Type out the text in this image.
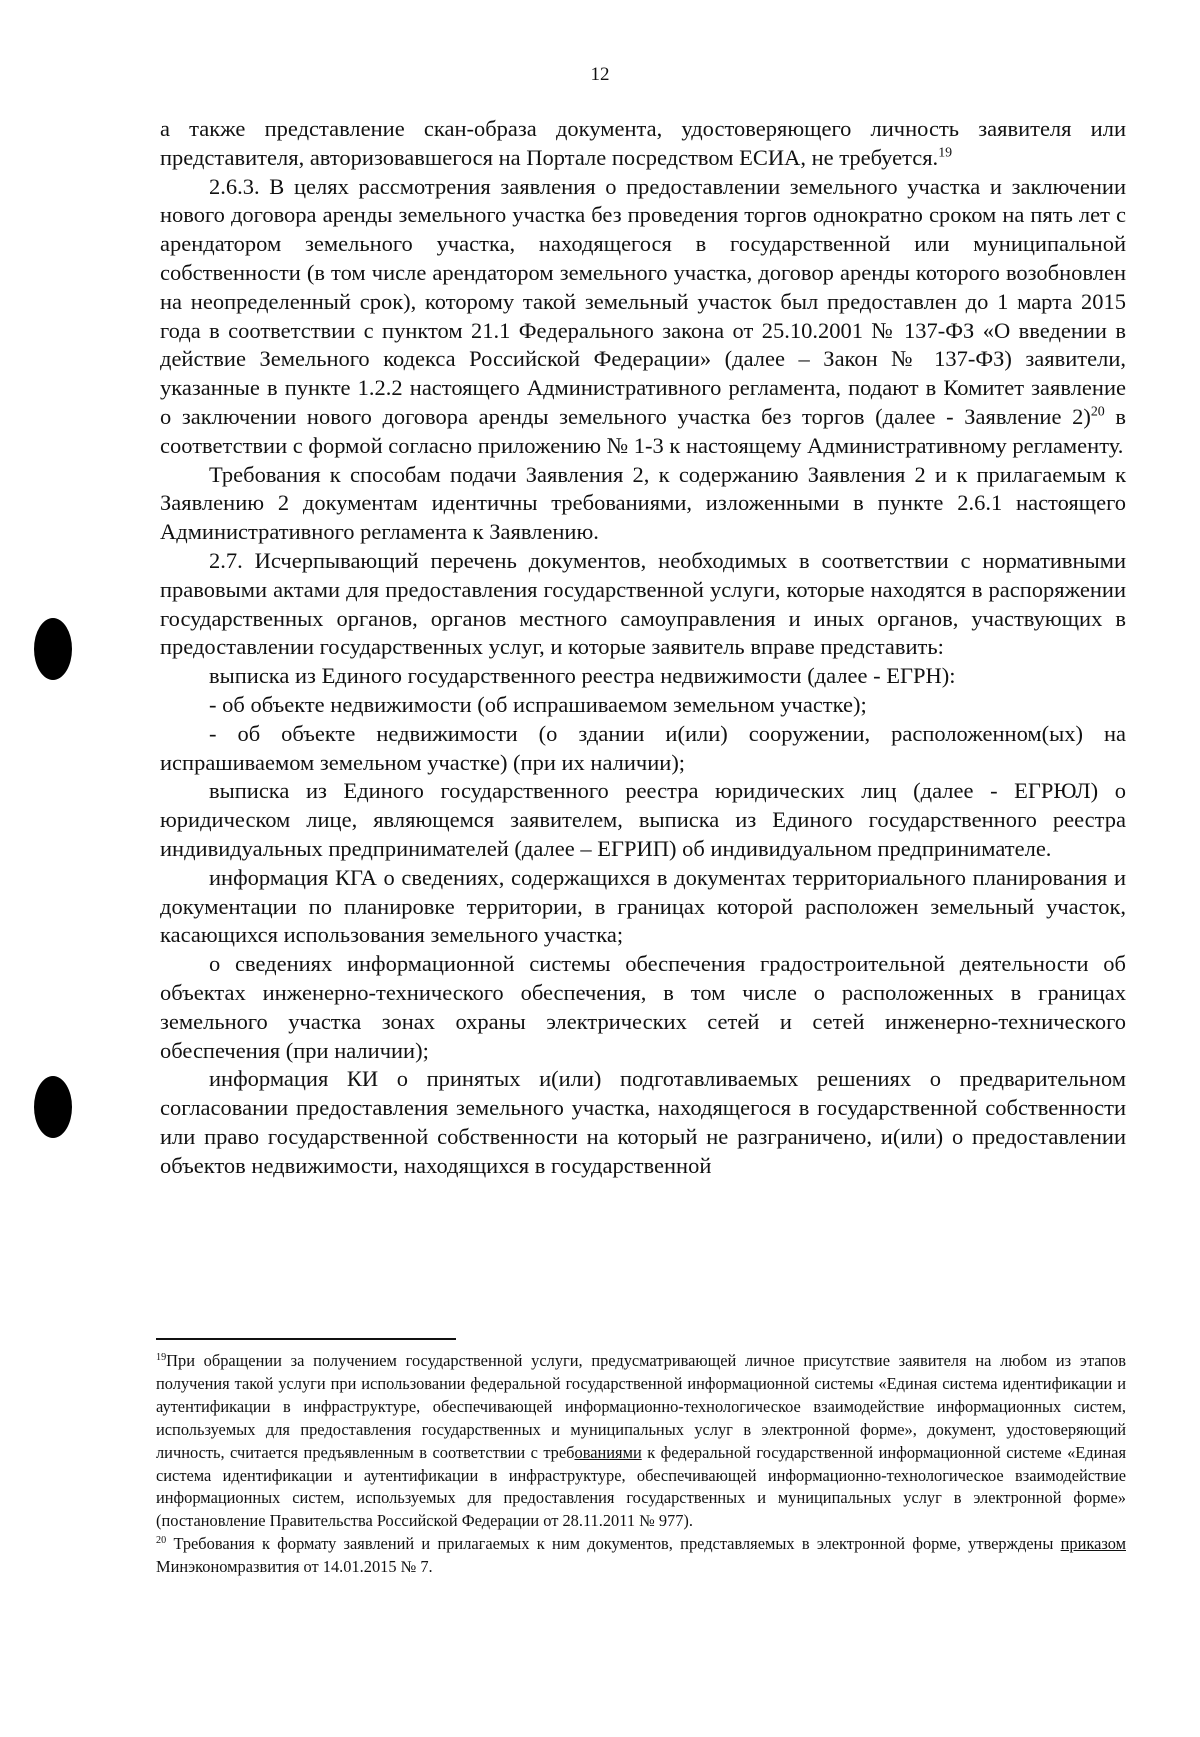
12

а также представление скан-образа документа, удостоверяющего личность заявителя или представителя, авторизовавшегося на Портале посредством ЕСИА, не требуется.$^{19}$

2.6.3. В целях рассмотрения заявления о предоставлении земельного участка и заключении нового договора аренды земельного участка без проведения торгов однократно сроком на пять лет с арендатором земельного участка, находящегося в государственной или муниципальной собственности (в том числе арендатором земельного участка, договор аренды которого возобновлен на неопределенный срок), которому такой земельный участок был предоставлен до 1 марта 2015 года в соответствии с пунктом 21.1 Федерального закона от 25.10.2001 № 137-ФЗ «О введении в действие Земельного кодекса Российской Федерации» (далее – Закон № 137-ФЗ) заявители, указанные в пункте 1.2.2 настоящего Административного регламента, подают в Комитет заявление о заключении нового договора аренды земельного участка без торгов (далее - Заявление 2)$^{20}$ в соответствии с формой согласно приложению № 1-3 к настоящему Административному регламенту.

Требования к способам подачи Заявления 2, к содержанию Заявления 2 и к прилагаемым к Заявлению 2 документам идентичны требованиями, изложенными в пункте 2.6.1 настоящего Административного регламента к Заявлению.

2.7. Исчерпывающий перечень документов, необходимых в соответствии с нормативными правовыми актами для предоставления государственной услуги, которые находятся в распоряжении государственных органов, органов местного самоуправления и иных органов, участвующих в предоставлении государственных услуг, и которые заявитель вправе представить:

выписка из Единого государственного реестра недвижимости (далее - ЕГРН):

- об объекте недвижимости (об испрашиваемом земельном участке);

- об объекте недвижимости (о здании и(или) сооружении, расположенном(ых) на испрашиваемом земельном участке) (при их наличии);

выписка из Единого государственного реестра юридических лиц (далее - ЕГРЮЛ) о юридическом лице, являющемся заявителем, выписка из Единого государственного реестра индивидуальных предпринимателей (далее – ЕГРИП) об индивидуальном предпринимателе.

информация КГА о сведениях, содержащихся в документах территориального планирования и документации по планировке территории, в границах которой расположен земельный участок, касающихся использования земельного участка;

о сведениях информационной системы обеспечения градостроительной деятельности об объектах инженерно-технического обеспечения, в том числе о расположенных в границах земельного участка зонах охраны электрических сетей и сетей инженерно-технического обеспечения (при наличии);

информация КИ о принятых и(или) подготавливаемых решениях о предварительном согласовании предоставления земельного участка, находящегося в государственной собственности или право государственной собственности на который не разграничено, и(или) о предоставлении объектов недвижимости, находящихся в государственной

$^{19}$При обращении за получением государственной услуги, предусматривающей личное присутствие заявителя на любом из этапов получения такой услуги при использовании федеральной государственной информационной системы «Единая система идентификации и аутентификации в инфраструктуре, обеспечивающей информационно-технологическое взаимодействие информационных систем, используемых для предоставления государственных и муниципальных услуг в электронной форме», документ, удостоверяющий личность, считается предъявленным в соответствии с требованиями к федеральной государственной информационной системе «Единая система идентификации и аутентификации в инфраструктуре, обеспечивающей информационно-технологическое взаимодействие информационных систем, используемых для предоставления государственных и муниципальных услуг в электронной форме» (постановление Правительства Российской Федерации от 28.11.2011 № 977).

$^{20}$ Требования к формату заявлений и прилагаемых к ним документов, представляемых в электронной форме, утверждены приказом Минэкономразвития от 14.01.2015 № 7.
